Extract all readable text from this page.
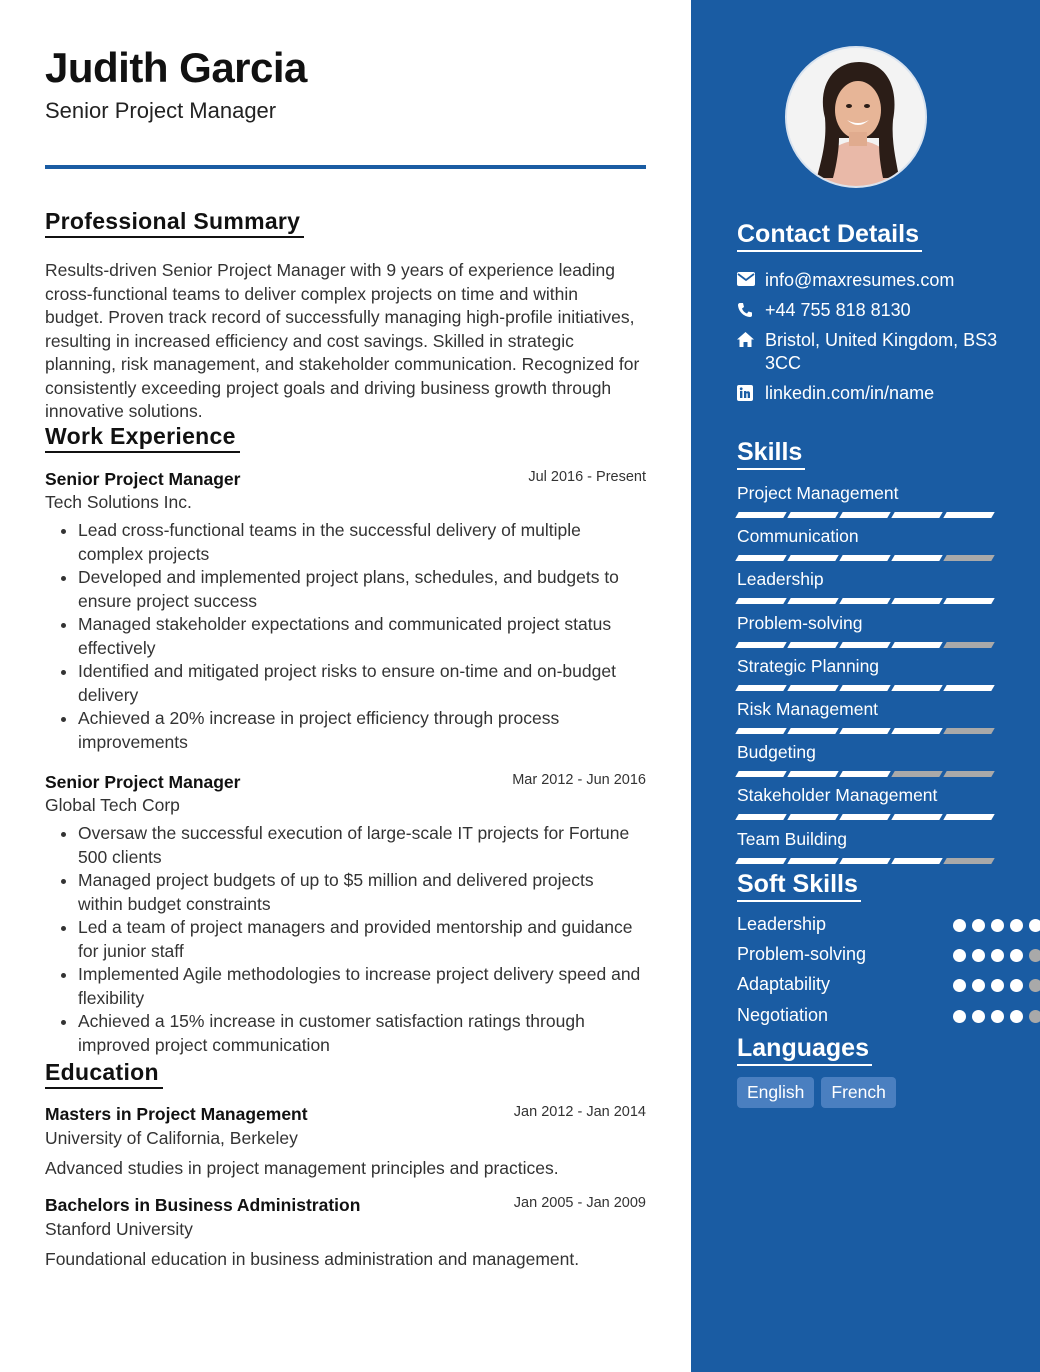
Judith Garcia
Senior Project Manager
Professional Summary
Results-driven Senior Project Manager with 9 years of experience leading cross-functional teams to deliver complex projects on time and within budget. Proven track record of successfully managing high-profile initiatives, resulting in increased efficiency and cost savings. Skilled in strategic planning, risk management, and stakeholder communication. Recognized for consistently exceeding project goals and driving business growth through innovative solutions.
Work Experience
Senior Project Manager	Jul 2016 - Present
Tech Solutions Inc.
• Lead cross-functional teams in the successful delivery of multiple complex projects
• Developed and implemented project plans, schedules, and budgets to ensure project success
• Managed stakeholder expectations and communicated project status effectively
• Identified and mitigated project risks to ensure on-time and on-budget delivery
• Achieved a 20% increase in project efficiency through process improvements
Senior Project Manager	Mar 2012 - Jun 2016
Global Tech Corp
• Oversaw the successful execution of large-scale IT projects for Fortune 500 clients
• Managed project budgets of up to $5 million and delivered projects within budget constraints
• Led a team of project managers and provided mentorship and guidance for junior staff
• Implemented Agile methodologies to increase project delivery speed and flexibility
• Achieved a 15% increase in customer satisfaction ratings through improved project communication
Education
Masters in Project Management	Jan 2012 - Jan 2014
University of California, Berkeley
Advanced studies in project management principles and practices.
Bachelors in Business Administration	Jan 2005 - Jan 2009
Stanford University
Foundational education in business administration and management.
Contact Details
info@maxresumes.com
+44 755 818 8130
Bristol, United Kingdom, BS3 3CC
linkedin.com/in/name
Skills
Project Management
Communication
Leadership
Problem-solving
Strategic Planning
Risk Management
Budgeting
Stakeholder Management
Team Building
Soft Skills
Leadership
Problem-solving
Adaptability
Negotiation
Languages
English	French
